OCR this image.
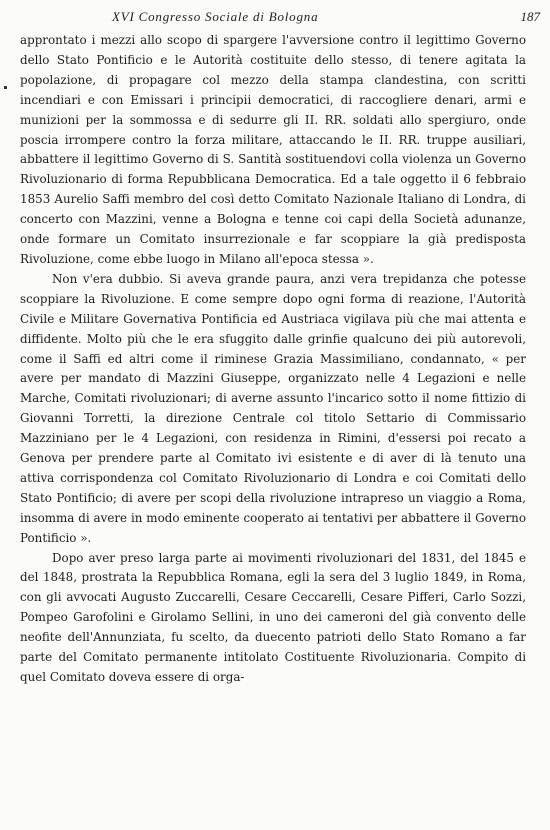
XVI Congresso Sociale di Bologna	187

approntato i mezzi allo scopo di spargere l'avversione contro il legittimo Governo dello Stato Pontificio e le Autorità costituite dello stesso, di tenere agitata la popolazione, di propagare col mezzo della stampa clandestina, con scritti incendiari e con Emissari i principii democratici, di raccogliere denari, armi e munizioni per la sommossa e di sedurre gli II. RR. soldati allo spergiuro, onde poscia irrompere contro la forza militare, attaccando le II. RR. truppe ausiliari, abbattere il legittimo Governo di S. Santità sostituendovi colla violenza un Governo Rivoluzionario di forma Repubblicana Democratica. Ed a tale oggetto il 6 febbraio 1853 Aurelio Saffi membro del così detto Comitato Nazionale Italiano di Londra, di concerto con Mazzini, venne a Bologna e tenne coi capi della Società adunanze, onde formare un Comitato insurrezionale e far scoppiare la già predisposta Rivoluzione, come ebbe luogo in Milano all'epoca stessa ».

Non v'era dubbio. Si aveva grande paura, anzi vera trepidanza che potesse scoppiare la Rivoluzione. E come sempre dopo ogni forma di reazione, l'Autorità Civile e Militare Governativa Pontificia ed Austriaca vigilava più che mai attenta e diffidente. Molto più che le era sfuggito dalle grinfie qualcuno dei più autorevoli, come il Saffi ed altri come il riminese Grazia Massimiliano, condannato, « per avere per mandato di Mazzini Giuseppe, organizzato nelle 4 Legazioni e nelle Marche, Comitati rivoluzionari; di averne assunto l'incarico sotto il nome fittizio di Giovanni Torretti, la direzione Centrale col titolo Settario di Commissario Mazziniano per le 4 Legazioni, con residenza in Rimini, d'essersi poi recato a Genova per prendere parte al Comitato ivi esistente e di aver di là tenuto una attiva corrispondenza col Comitato Rivoluzionario di Londra e coi Comitati dello Stato Pontificio; di avere per scopi della rivoluzione intrapreso un viaggio a Roma, insomma di avere in modo eminente cooperato ai tentativi per abbattere il Governo Pontificio ».

Dopo aver preso larga parte ai movimenti rivoluzionari del 1831, del 1845 e del 1848, prostrata la Repubblica Romana, egli la sera del 3 luglio 1849, in Roma, con gli avvocati Augusto Zuccarelli, Cesare Ceccarelli, Cesare Pifferi, Carlo Sozzi, Pompeo Garofolini e Girolamo Sellini, in uno dei cameroni del già convento delle neofite dell'Annunziata, fu scelto, da duecento patrioti dello Stato Romano a far parte del Comitato permanente intitolato Costituente Rivoluzionaria. Compito di quel Comitato doveva essere di orga-
